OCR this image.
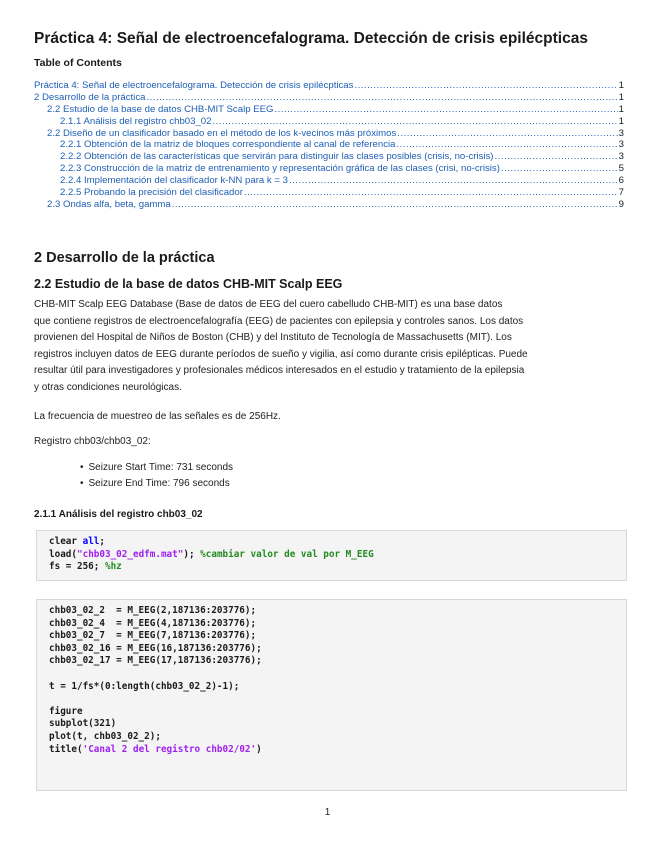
Práctica 4: Señal de electroencefalograma. Detección de crisis epilécpticas
Table of Contents
Práctica 4: Señal de electroencefalograma. Detección de crisis epilécpticas .....	1
2 Desarrollo de la práctica .....	1
2.2 Estudio de la base de datos CHB-MIT Scalp EEG .....	1
2.1.1 Análisis del registro chb03_02 .....	1
2.2 Diseño de un clasificador basado en el método de los k-vecinos más próximos .....	3
2.2.1 Obtención de la matriz de bloques correspondiente al canal de referencia .....	3
2.2.2 Obtención de las características que servirán para distinguir las clases posibles (crisis, no-crisis) .....	3
2.2.3 Construcción de la matriz de entrenamiento y representación gráfica de las clases (crisi, no-crisis) .....	5
2.2.4 Implementación del clasificador k-NN para k = 3 .....	6
2.2.5 Probando la precisión del clasificador .....	7
2.3 Ondas alfa, beta, gamma .....	9
2 Desarrollo de la práctica
2.2 Estudio de la base de datos CHB-MIT Scalp EEG
CHB-MIT Scalp EEG Database (Base de datos de EEG del cuero cabelludo CHB-MIT) es una base datos
que contiene registros de electroencefalografía (EEG) de pacientes con epilepsia y controles sanos. Los datos
provienen del Hospital de Niños de Boston (CHB) y del Instituto de Tecnología de Massachusetts (MIT). Los
registros incluyen datos de EEG durante períodos de sueño y vigilia, así como durante crisis epilépticas. Puede
resultar útil para investigadores y profesionales médicos interesados en el estudio y tratamiento de la epilepsia
y otras condiciones neurológicas.
La frecuencia de muestreo de las señales es de 256Hz.
Registro chb03/chb03_02:
• Seizure Start Time: 731 seconds
• Seizure End Time: 796 seconds
2.1.1 Análisis del registro chb03_02
clear all;
load("chb03_02_edfm.mat"); %cambiar valor de val por M_EEG
fs = 256; %hz
chb03_02_2  = M_EEG(2,187136:203776);
chb03_02_4  = M_EEG(4,187136:203776);
chb03_02_7  = M_EEG(7,187136:203776);
chb03_02_16 = M_EEG(16,187136:203776);
chb03_02_17 = M_EEG(17,187136:203776);
t = 1/fs*(0:length(chb03_02_2)-1);
figure
subplot(321)
plot(t, chb03_02_2);
title('Canal 2 del registro chb02/02')
1
